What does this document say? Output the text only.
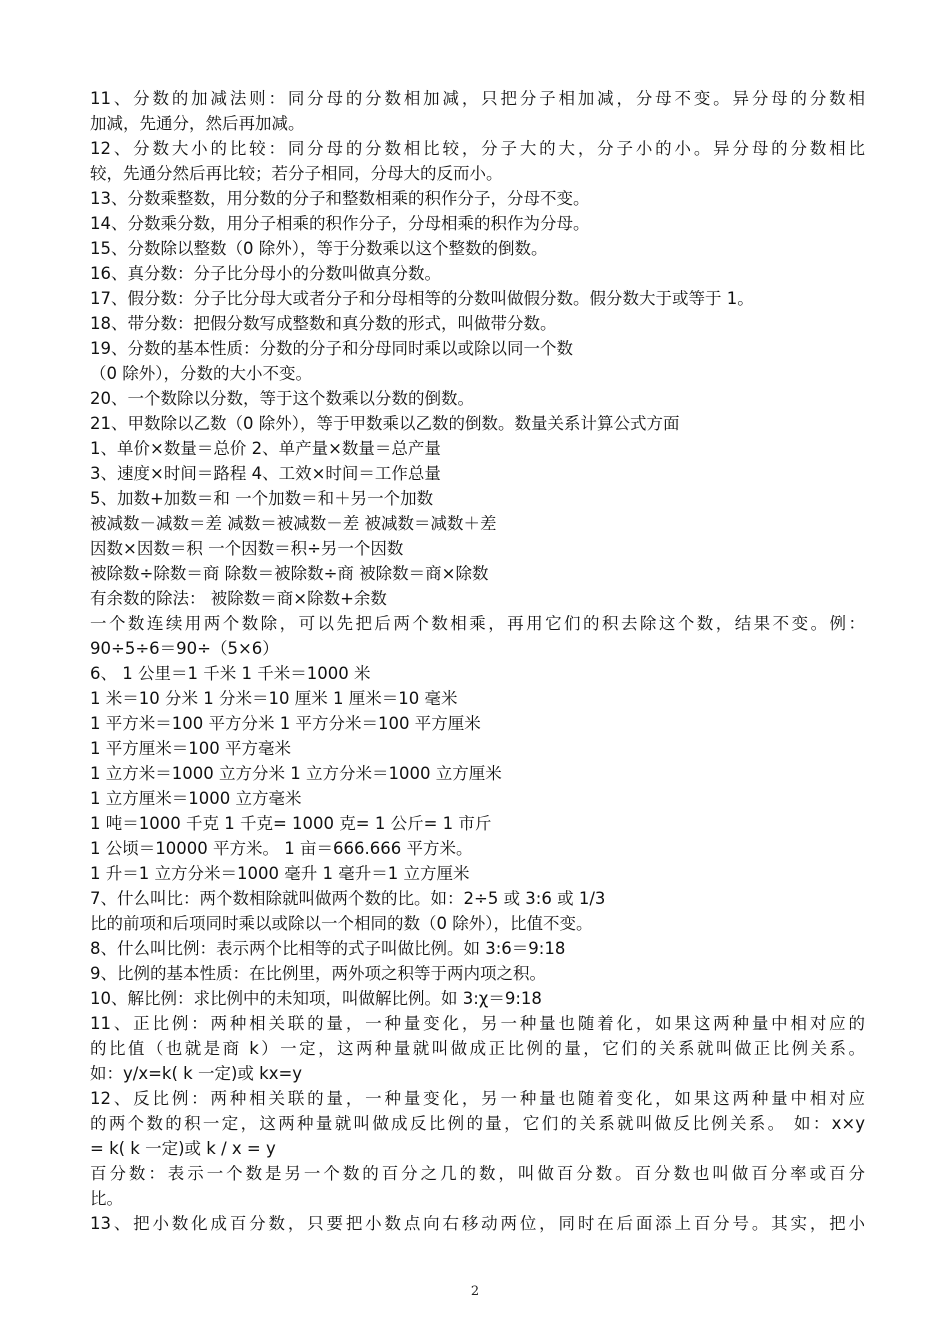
11、分数的加减法则：同分母的分数相加减，只把分子相加减，分母不变。异分母的分数相
加减，先通分，然后再加减。
12、分数大小的比较：同分母的分数相比较，分子大的大，分子小的小。异分母的分数相比
较，先通分然后再比较；若分子相同，分母大的反而小。
13、分数乘整数，用分数的分子和整数相乘的积作分子，分母不变。
14、分数乘分数，用分子相乘的积作分子，分母相乘的积作为分母。
15、分数除以整数（0 除外），等于分数乘以这个整数的倒数。
16、真分数：分子比分母小的分数叫做真分数。
17、假分数：分子比分母大或者分子和分母相等的分数叫做假分数。假分数大于或等于 1。
18、带分数：把假分数写成整数和真分数的形式，叫做带分数。
19、分数的基本性质：分数的分子和分母同时乘以或除以同一个数
（0 除外），分数的大小不变。
20、一个数除以分数，等于这个数乘以分数的倒数。
21、甲数除以乙数（0 除外），等于甲数乘以乙数的倒数。数量关系计算公式方面
1、单价×数量＝总价 2、单产量×数量＝总产量
3、速度×时间＝路程 4、工效×时间＝工作总量
5、加数+加数＝和 一个加数＝和＋另一个加数
被减数－减数＝差 减数＝被减数－差 被减数＝减数＋差
因数×因数＝积 一个因数＝积÷另一个因数
被除数÷除数＝商 除数＝被除数÷商 被除数＝商×除数
有余数的除法： 被除数＝商×除数+余数
一个数连续用两个数除，可以先把后两个数相乘，再用它们的积去除这个数，结果不变。例：
90÷5÷6＝90÷（5×6）
6、 1 公里＝1 千米 1 千米＝1000 米
1 米＝10 分米 1 分米＝10 厘米 1 厘米＝10 毫米
1 平方米＝100 平方分米 1 平方分米＝100 平方厘米
1 平方厘米＝100 平方毫米
1 立方米＝1000 立方分米 1 立方分米＝1000 立方厘米
1 立方厘米＝1000 立方毫米
1 吨＝1000 千克 1 千克= 1000 克= 1 公斤= 1 市斤
1 公顷＝10000 平方米。 1 亩＝666.666 平方米。
1 升＝1 立方分米＝1000 毫升 1 毫升＝1 立方厘米
7、什么叫比：两个数相除就叫做两个数的比。如：2÷5 或 3:6 或 1/3
比的前项和后项同时乘以或除以一个相同的数（0 除外），比值不变。
8、什么叫比例：表示两个比相等的式子叫做比例。如 3:6＝9:18
9、比例的基本性质：在比例里，两外项之积等于两内项之积。
10、解比例：求比例中的未知项，叫做解比例。如 3:χ＝9:18
11、正比例：两种相关联的量，一种量变化，另一种量也随着化，如果这两种量中相对应的
的比值（也就是商 k）一定，这两种量就叫做成正比例的量，它们的关系就叫做正比例关系。
如：y/x=k( k 一定)或 kx=y
12、反比例：两种相关联的量，一种量变化，另一种量也随着变化，如果这两种量中相对应
的两个数的积一定，这两种量就叫做成反比例的量，它们的关系就叫做反比例关系。 如：x×y
= k( k 一定)或 k / x = y
百分数：表示一个数是另一个数的百分之几的数，叫做百分数。百分数也叫做百分率或百分
比。
13、把小数化成百分数，只要把小数点向右移动两位，同时在后面添上百分号。其实，把小
2
